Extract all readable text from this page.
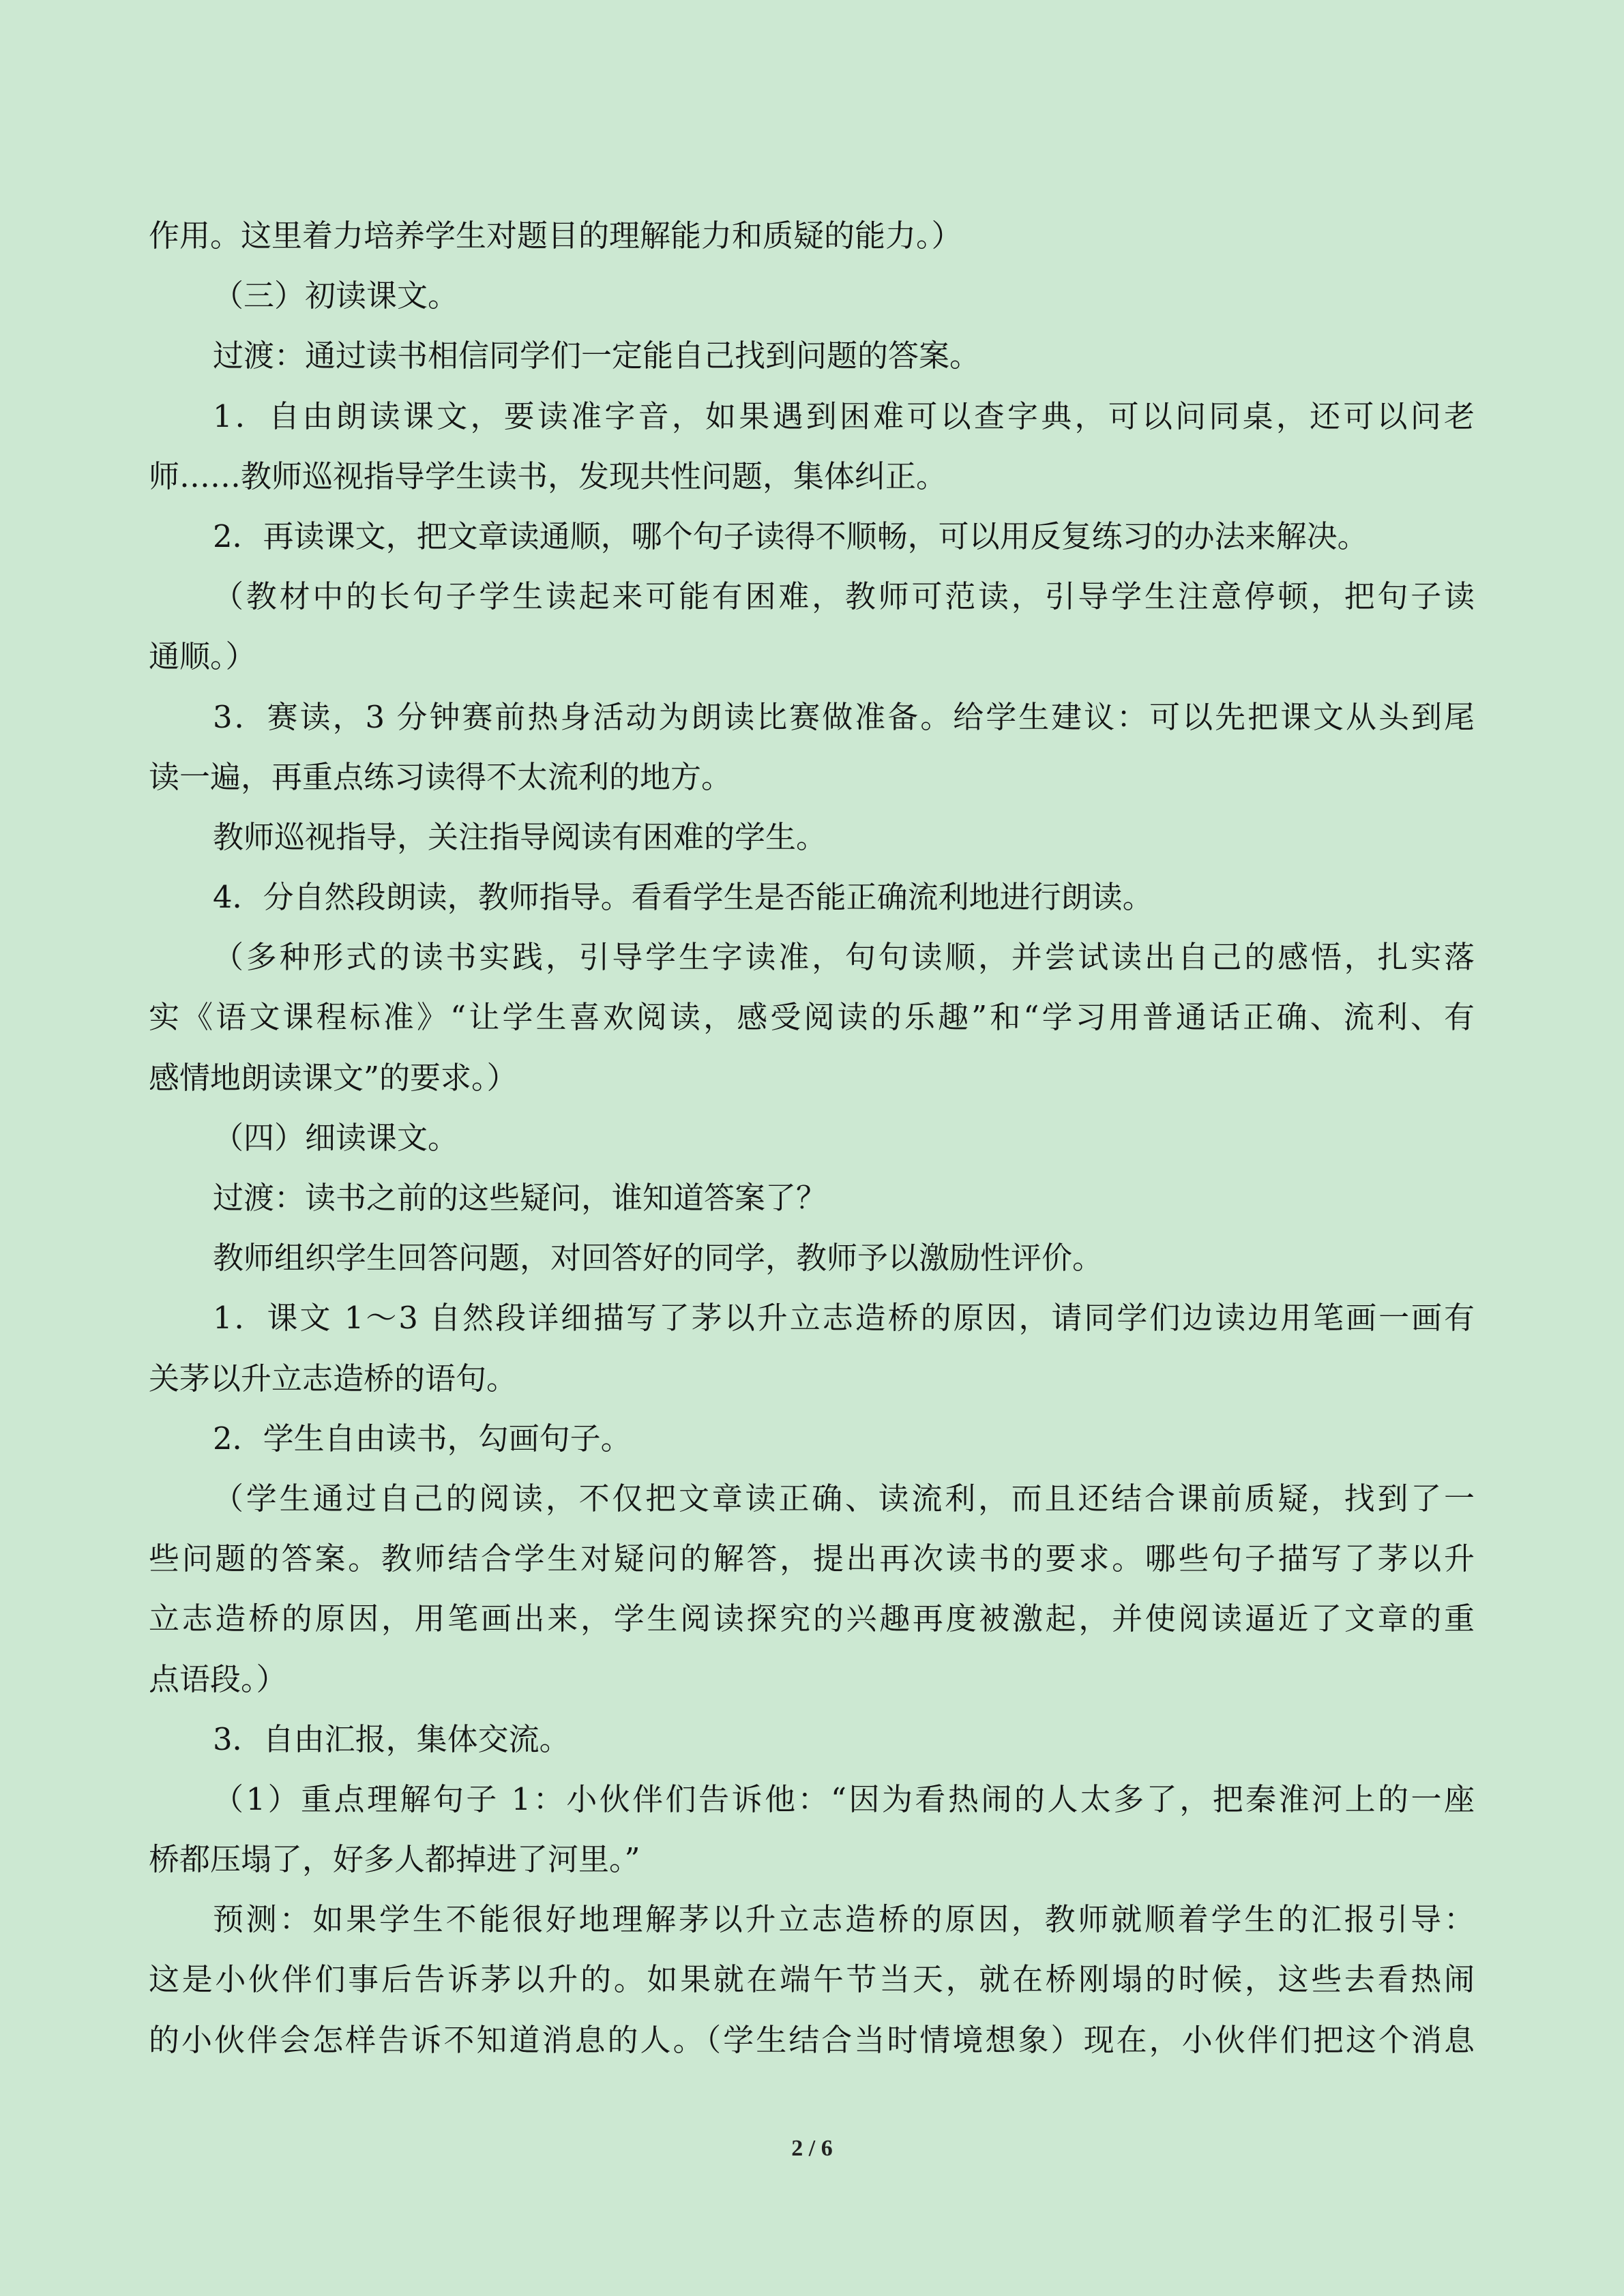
作用。这里着力培养学生对题目的理解能力和质疑的能力。）
（三）初读课文。
过渡：通过读书相信同学们一定能自己找到问题的答案。
1．自由朗读课文，要读准字音，如果遇到困难可以查字典，可以问同桌，还可以问老
师……教师巡视指导学生读书，发现共性问题，集体纠正。
2．再读课文，把文章读通顺，哪个句子读得不顺畅，可以用反复练习的办法来解决。
（教材中的长句子学生读起来可能有困难，教师可范读，引导学生注意停顿，把句子读
通顺。）
3．赛读，3 分钟赛前热身活动为朗读比赛做准备。给学生建议：可以先把课文从头到尾
读一遍，再重点练习读得不太流利的地方。
教师巡视指导，关注指导阅读有困难的学生。
4．分自然段朗读，教师指导。看看学生是否能正确流利地进行朗读。
（多种形式的读书实践，引导学生字读准，句句读顺，并尝试读出自己的感悟，扎实落
实《语文课程标准》“让学生喜欢阅读，感受阅读的乐趣”和“学习用普通话正确、流利、有
感情地朗读课文”的要求。）
（四）细读课文。
过渡：读书之前的这些疑问，谁知道答案了？
教师组织学生回答问题，对回答好的同学，教师予以激励性评价。
1．课文 1～3 自然段详细描写了茅以升立志造桥的原因，请同学们边读边用笔画一画有
关茅以升立志造桥的语句。
2．学生自由读书，勾画句子。
（学生通过自己的阅读，不仅把文章读正确、读流利，而且还结合课前质疑，找到了一
些问题的答案。教师结合学生对疑问的解答，提出再次读书的要求。哪些句子描写了茅以升
立志造桥的原因，用笔画出来，学生阅读探究的兴趣再度被激起，并使阅读逼近了文章的重
点语段。）
3．自由汇报，集体交流。
（1）重点理解句子 1：小伙伴们告诉他：“因为看热闹的人太多了，把秦淮河上的一座
桥都压塌了，好多人都掉进了河里。”
预测：如果学生不能很好地理解茅以升立志造桥的原因，教师就顺着学生的汇报引导：
这是小伙伴们事后告诉茅以升的。如果就在端午节当天，就在桥刚塌的时候，这些去看热闹
的小伙伴会怎样告诉不知道消息的人。（学生结合当时情境想象）现在，小伙伴们把这个消息
2 / 6
